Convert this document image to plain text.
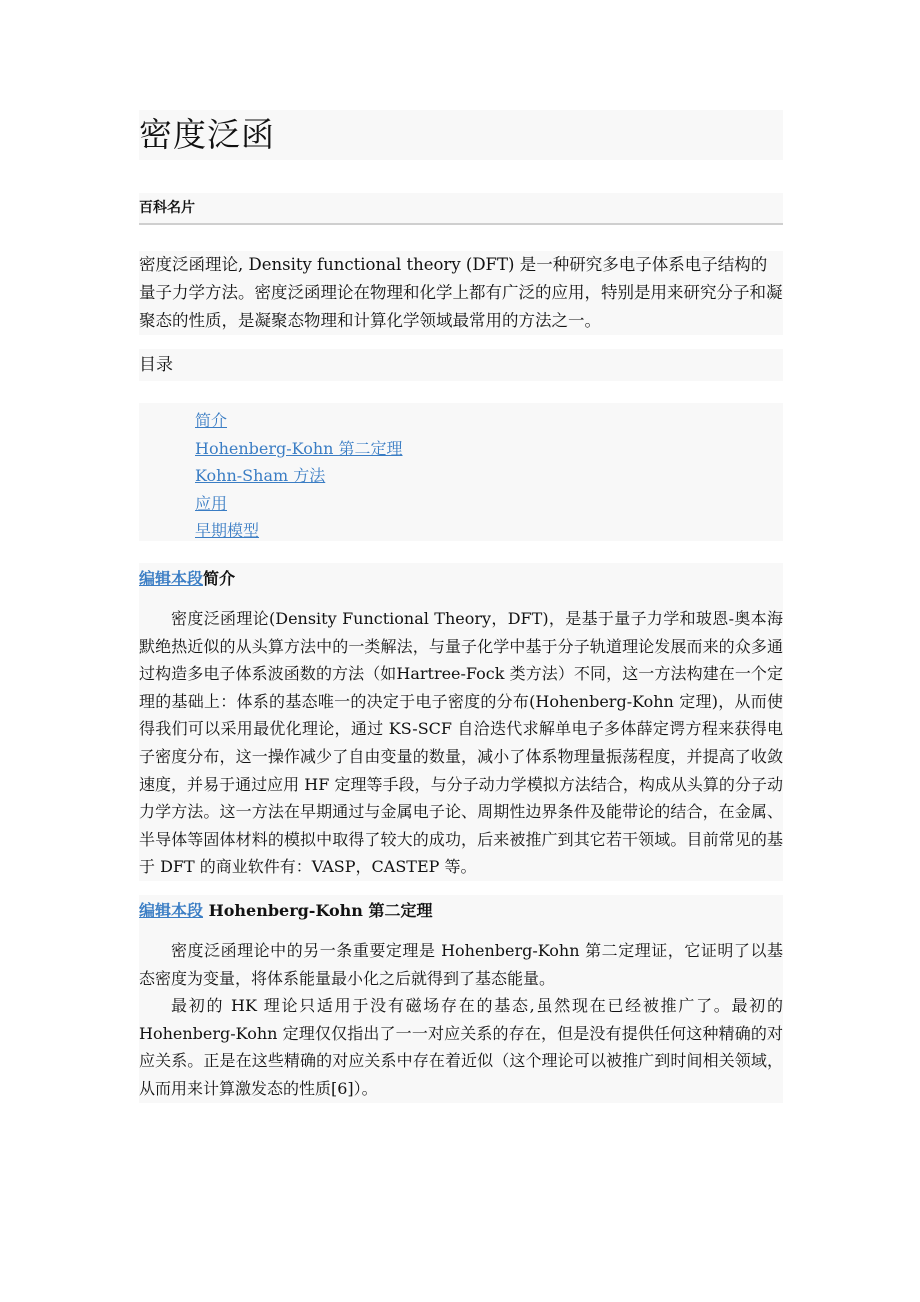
密度泛函
百科名片
密度泛函理论, Density functional theory (DFT) 是一种研究多电子体系电子结构的量子力学方法。密度泛函理论在物理和化学上都有广泛的应用，特别是用来研究分子和凝聚态的性质，是凝聚态物理和计算化学领域最常用的方法之一。
目录
简介
Hohenberg-Kohn 第二定理
Kohn-Sham 方法
应用
早期模型
编辑本段简介

密度泛函理论(Density Functional Theory，DFT)，是基于量子力学和玻恩-奥本海默绝热近似的从头算方法中的一类解法，与量子化学中基于分子轨道理论发展而来的众多通过构造多电子体系波函数的方法（如Hartree-Fock 类方法）不同，这一方法构建在一个定理的基础上：体系的基态唯一的决定于电子密度的分布(Hohenberg-Kohn 定理)，从而使得我们可以采用最优化理论，通过 KS-SCF 自洽迭代求解单电子多体薛定谔方程来获得电子密度分布，这一操作减少了自由变量的数量，减小了体系物理量振荡程度，并提高了收敛速度，并易于通过应用 HF 定理等手段，与分子动力学模拟方法结合，构成从头算的分子动力学方法。这一方法在早期通过与金属电子论、周期性边界条件及能带论的结合，在金属、半导体等固体材料的模拟中取得了较大的成功，后来被推广到其它若干领域。目前常见的基于 DFT 的商业软件有：VASP，CASTEP 等。

编辑本段 Hohenberg-Kohn 第二定理

密度泛函理论中的另一条重要定理是 Hohenberg-Kohn 第二定理证，它证明了以基态密度为变量，将体系能量最小化之后就得到了基态能量。

最初的 HK 理论只适用于没有磁场存在的基态,虽然现在已经被推广了。最初的 Hohenberg-Kohn 定理仅仅指出了一一对应关系的存在，但是没有提供任何这种精确的对应关系。正是在这些精确的对应关系中存在着近似（这个理论可以被推广到时间相关领域，从而用来计算激发态的性质[6]）。
